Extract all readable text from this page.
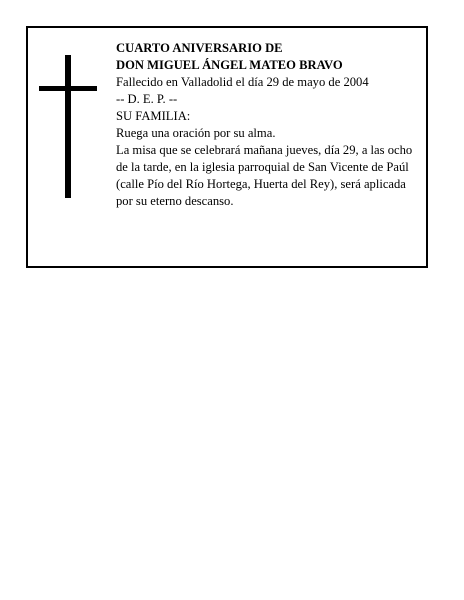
CUARTO ANIVERSARIO DE
DON MIGUEL ÁNGEL MATEO BRAVO
Fallecido en Valladolid el día 29 de mayo de 2004
-- D. E. P. --
SU FAMILIA:
Ruega una oración por su alma.
La misa que se celebrará mañana jueves, día 29, a las ocho de la tarde, en la iglesia parroquial de San Vicente de Paúl (calle Pío del Río Hortega, Huerta del Rey), será aplicada por su eterno descanso.
